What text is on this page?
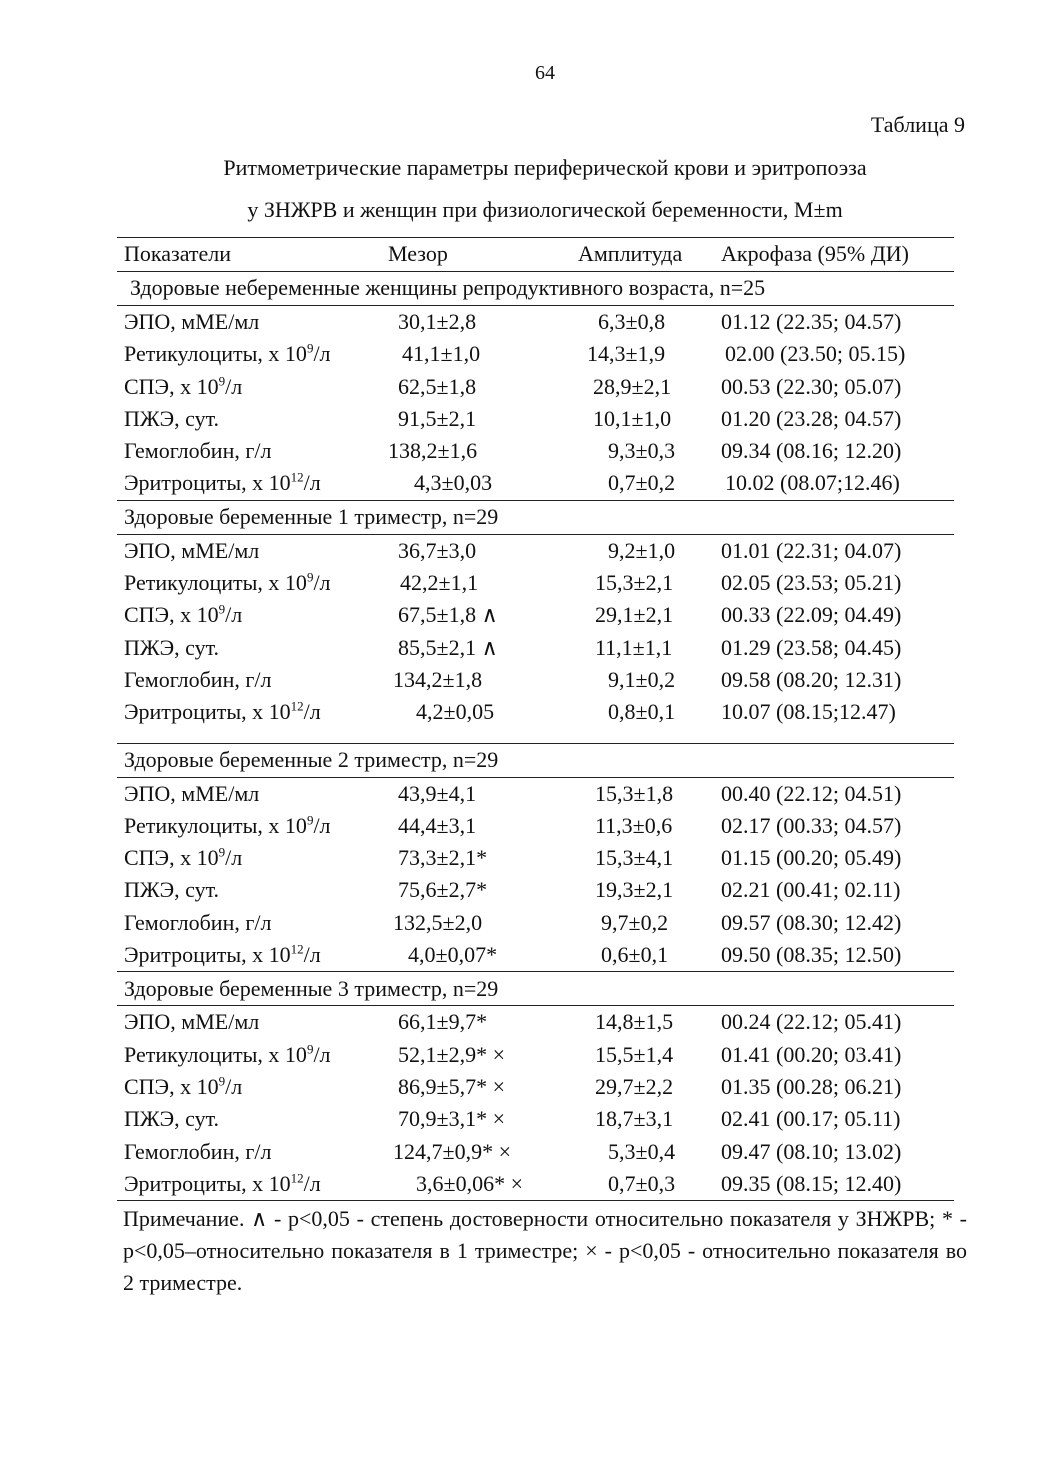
64
Таблица 9
Ритмометрические параметры периферической крови и эритропоэза
у ЗНЖРВ и женщин при физиологической беременности, M±m
Показатели	Мезор	Амплитуда	Акрофаза (95% ДИ)
Здоровые небеременные женщины репродуктивного возраста, n=25			
ЭПО, мМЕ/мл	30,1±2,8	6,3±0,8	01.12 (22.35; 04.57)
Ретикулоциты, х $10^9/л$	41,1±1,0	14,3±1,9	02.00 (23.50; 05.15)
СПЭ, х $10^9/л$	62,5±1,8	28,9±2,1	00.53 (22.30; 05.07)
ПЖЭ, сут.	91,5±2,1	10,1±1,0	01.20 (23.28; 04.57)
Гемоглобин, г/л	138,2±1,6	9,3±0,3	09.34 (08.16; 12.20)
Эритроциты, х $10^{12}/л$	4,3±0,03	0,7±0,2	10.02 (08.07;12.46)
Здоровые беременные 1 триместр, n=29			
ЭПО, мМЕ/мл	36,7±3,0	9,2±1,0	01.01 (22.31; 04.07)
Ретикулоциты, х $10^9/л$	42,2±1,1	15,3±2,1	02.05 (23.53; 05.21)
СПЭ, х $10^9/л$	67,5±1,8 ∧	29,1±2,1	00.33 (22.09; 04.49)
ПЖЭ, сут.	85,5±2,1 ∧	11,1±1,1	01.29 (23.58; 04.45)
Гемоглобин, г/л	134,2±1,8	9,1±0,2	09.58 (08.20; 12.31)
Эритроциты, х $10^{12}/л$	4,2±0,05	0,8±0,1	10.07 (08.15;12.47)

Здоровые беременные 2 триместр, n=29			
ЭПО, мМЕ/мл	43,9±4,1	15,3±1,8	00.40 (22.12; 04.51)
Ретикулоциты, х $10^9/л$	44,4±3,1	11,3±0,6	02.17 (00.33; 04.57)
СПЭ, х $10^9/л$	73,3±2,1*	15,3±4,1	01.15 (00.20; 05.49)
ПЖЭ, сут.	75,6±2,7*	19,3±2,1	02.21 (00.41; 02.11)
Гемоглобин, г/л	132,5±2,0	9,7±0,2	09.57 (08.30; 12.42)
Эритроциты, х $10^{12}/л$	4,0±0,07*	0,6±0,1	09.50 (08.35; 12.50)
Здоровые беременные 3 триместр, n=29			
ЭПО, мМЕ/мл	66,1±9,7*	14,8±1,5	00.24 (22.12; 05.41)
Ретикулоциты, х $10^9/л$	52,1±2,9* ×	15,5±1,4	01.41 (00.20; 03.41)
СПЭ, х $10^9/л$	86,9±5,7* ×	29,7±2,2	01.35 (00.28; 06.21)
ПЖЭ, сут.	70,9±3,1* ×	18,7±3,1	02.41 (00.17; 05.11)
Гемоглобин, г/л	124,7±0,9* ×	5,3±0,4	09.47 (08.10; 13.02)
Эритроциты, х $10^{12}/л$	3,6±0,06* ×	0,7±0,3	09.35 (08.15; 12.40)
Примечание. ∧ - р<0,05 - степень достоверности относительно показателя у ЗНЖРВ; * - р<0,05–относительно показателя в 1 триместре; × - р<0,05 - относительно показателя во 2 триместре.
